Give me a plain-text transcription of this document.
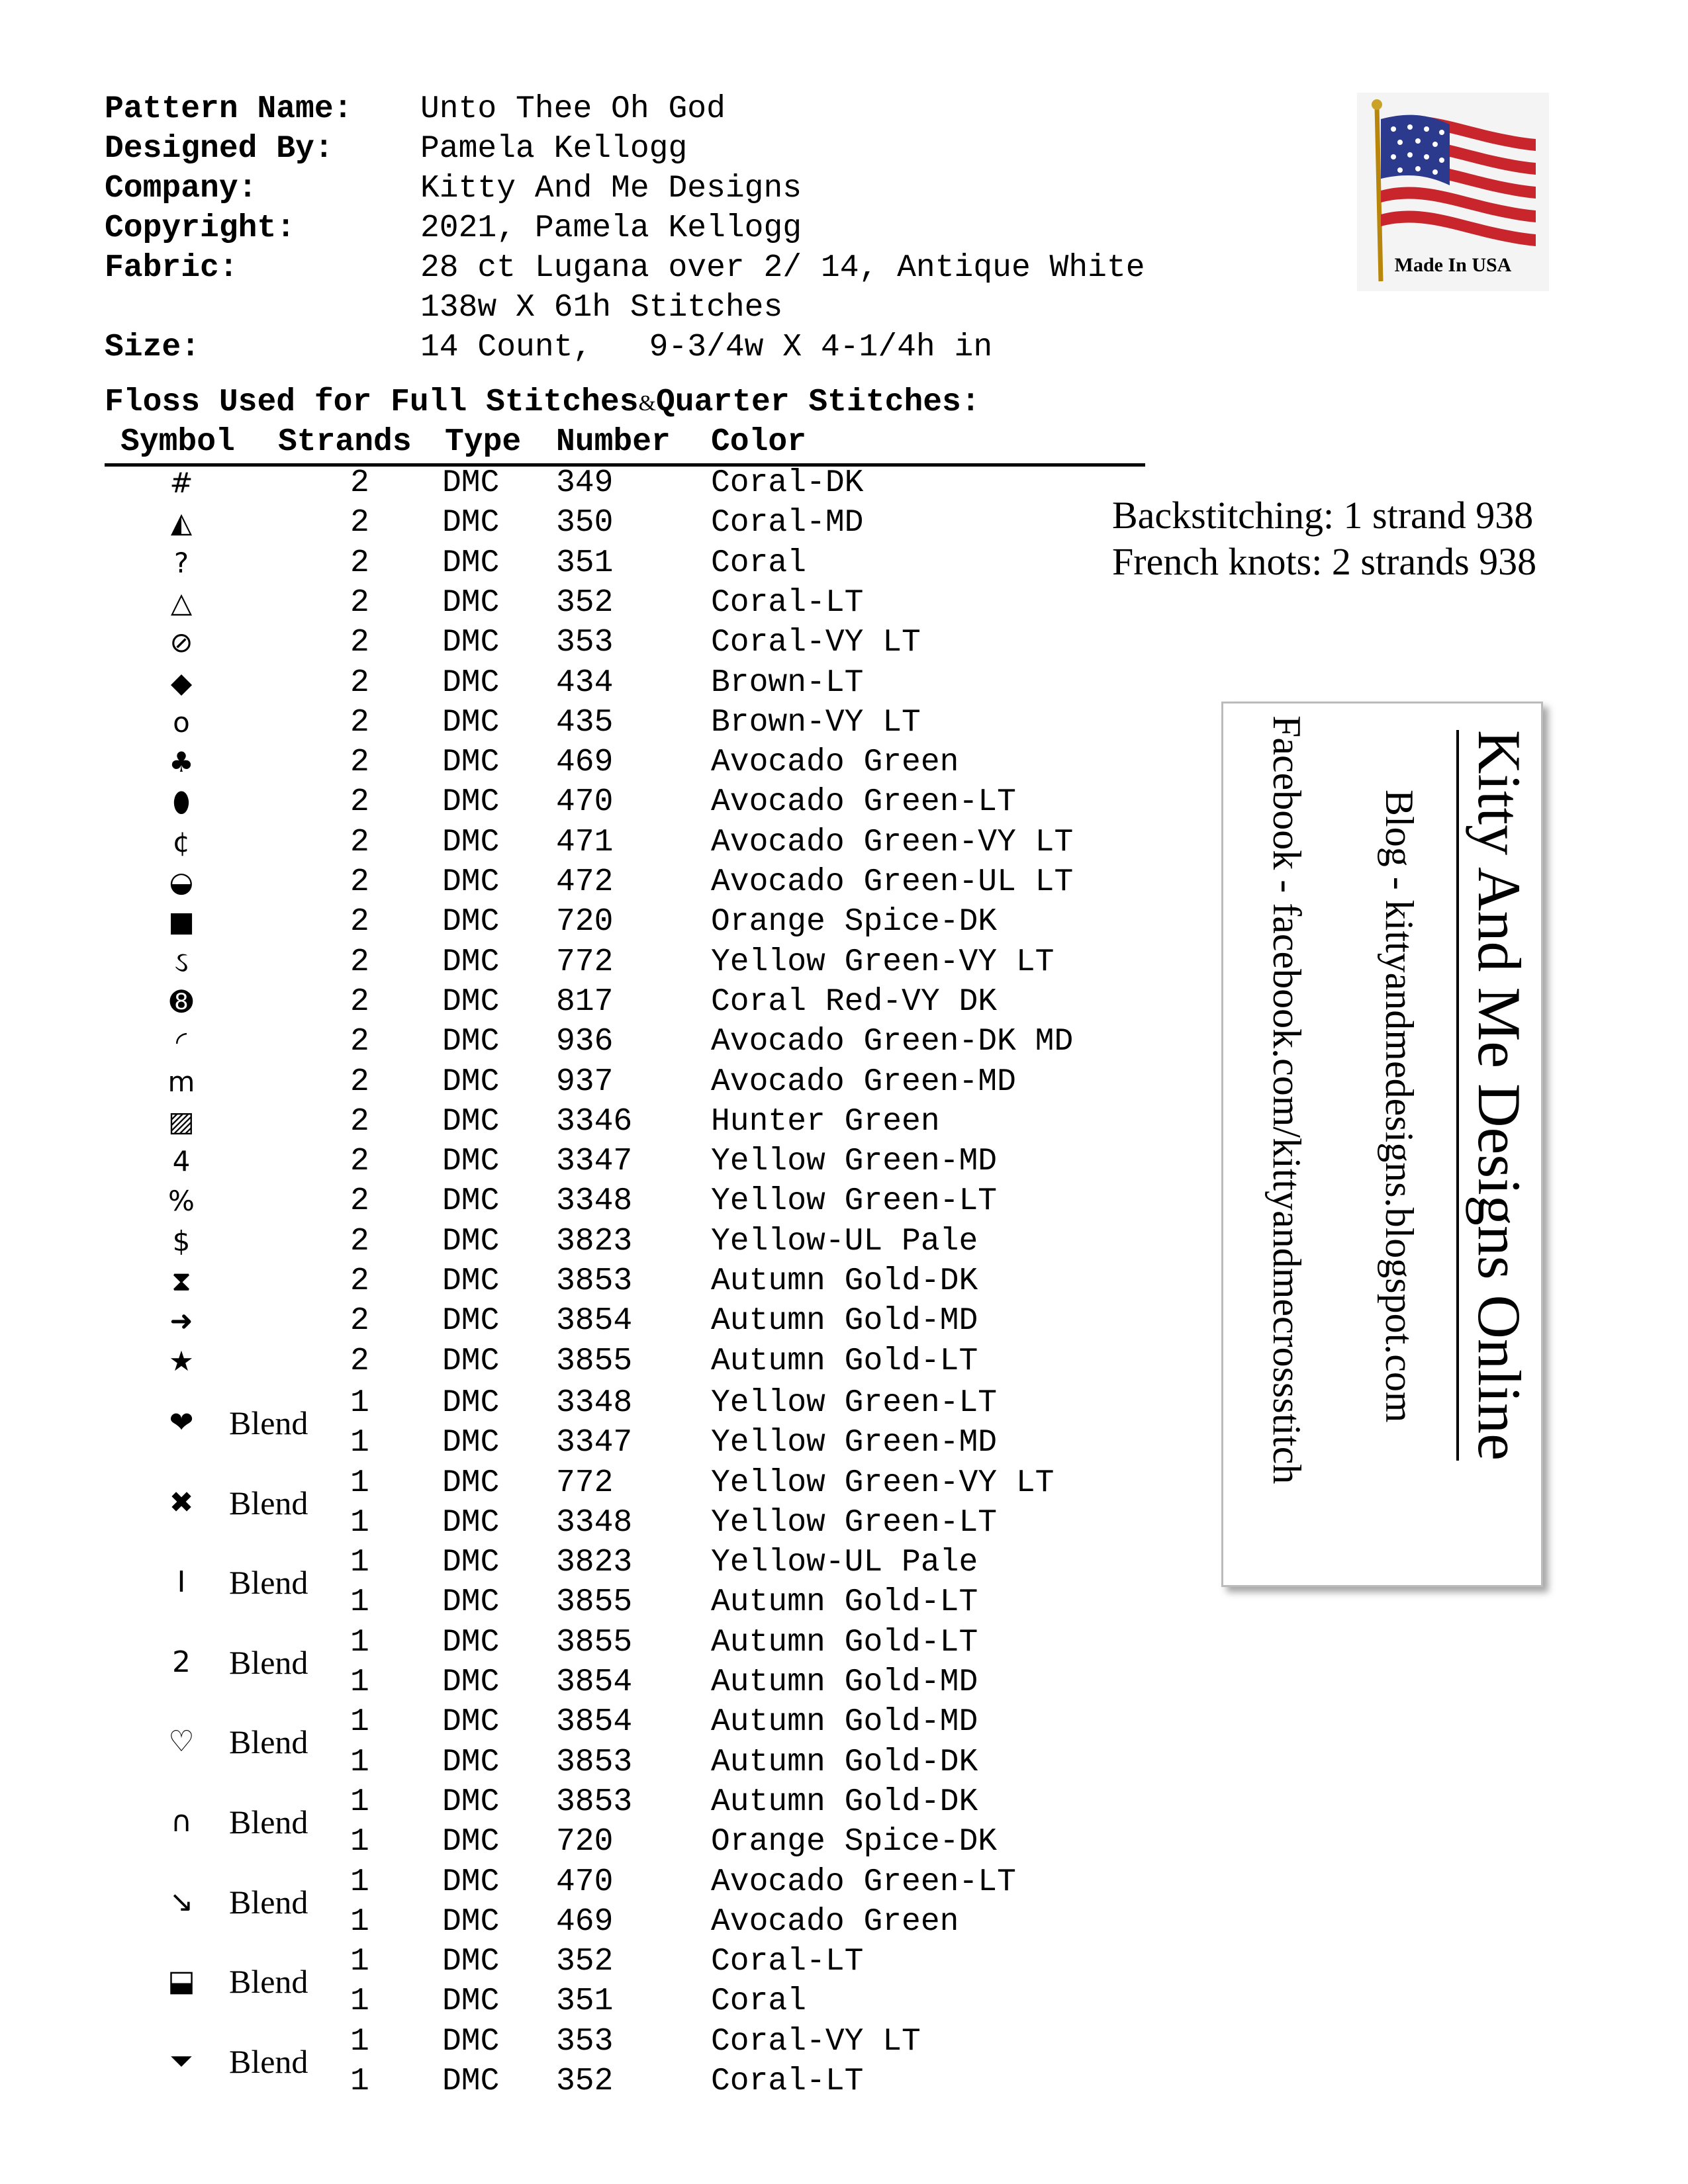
Pattern Name: Unto Thee Oh God
Designed By:	Pamela Kellogg
Company:	Kitty And Me Designs
Copyright:	2021, Pamela Kellogg
Fabric:	28 ct Lugana over 2/ 14, Antique White
138w X 61h Stitches
Size:	14 Count,   9-3/4w X 4-1/4h in
Made In USA
Floss Used for Full Stitches&Quarter Stitches:
Symbol Strands Type Number Color
#	2 DMC 349	Coral-DK
◭	2 DMC 350	Coral-MD
?	2 DMC 351	Coral
△	2 DMC 352	Coral-LT
⊘	2 DMC 353	Coral-VY LT
◆	2 DMC 434	Brown-LT
o	2 DMC 435	Brown-VY LT
♣	2 DMC 469	Avocado Green
⬮	2 DMC 470	Avocado Green-LT
¢	2 DMC 471	Avocado Green-VY LT
◒	2 DMC 472	Avocado Green-UL LT
■	2 DMC 720	Orange Spice-DK
ઽ	2 DMC 772	Yellow Green-VY LT
➑	2 DMC 817	Coral Red-VY DK
◜	2 DMC 936	Avocado Green-DK MD
m	2 DMC 937	Avocado Green-MD
▨	2 DMC 3346 Hunter Green
4	2 DMC 3347 Yellow Green-MD
%	2 DMC 3348 Yellow Green-LT
$	2 DMC 3823 Yellow-UL Pale
⧗	2 DMC 3853 Autumn Gold-DK
➜	2 DMC 3854 Autumn Gold-MD
★	2 DMC 3855 Autumn Gold-LT
❤ Blend
1 DMC 3348 Yellow Green-LT
1 DMC 3347 Yellow Green-MD
✖ Blend
1 DMC 772	Yellow Green-VY LT
1 DMC 3348 Yellow Green-LT
I	Blend
1 DMC 3823 Yellow-UL Pale
1 DMC 3855 Autumn Gold-LT
2 Blend
1 DMC 3855 Autumn Gold-LT
1 DMC 3854 Autumn Gold-MD
♡ Blend
1 DMC 3854 Autumn Gold-MD
1 DMC 3853 Autumn Gold-DK
∩ Blend
1 DMC 3853 Autumn Gold-DK
1 DMC 720	Orange Spice-DK
↘ Blend
1 DMC 470	Avocado Green-LT
1 DMC 469	Avocado Green
⬓ Blend
1 DMC 352	Coral-LT
1 DMC 351	Coral
⏷ Blend
1 DMC 353	Coral-VY LT
1 DMC 352	Coral-LT
Backstitching: 1 strand 938
French knots: 2 strands 938
Kitty And Me Designs Online
Blog - kittyandmedesigns.blogspot.com
Facebook - facebook.com/kittyandmecrossstitch
